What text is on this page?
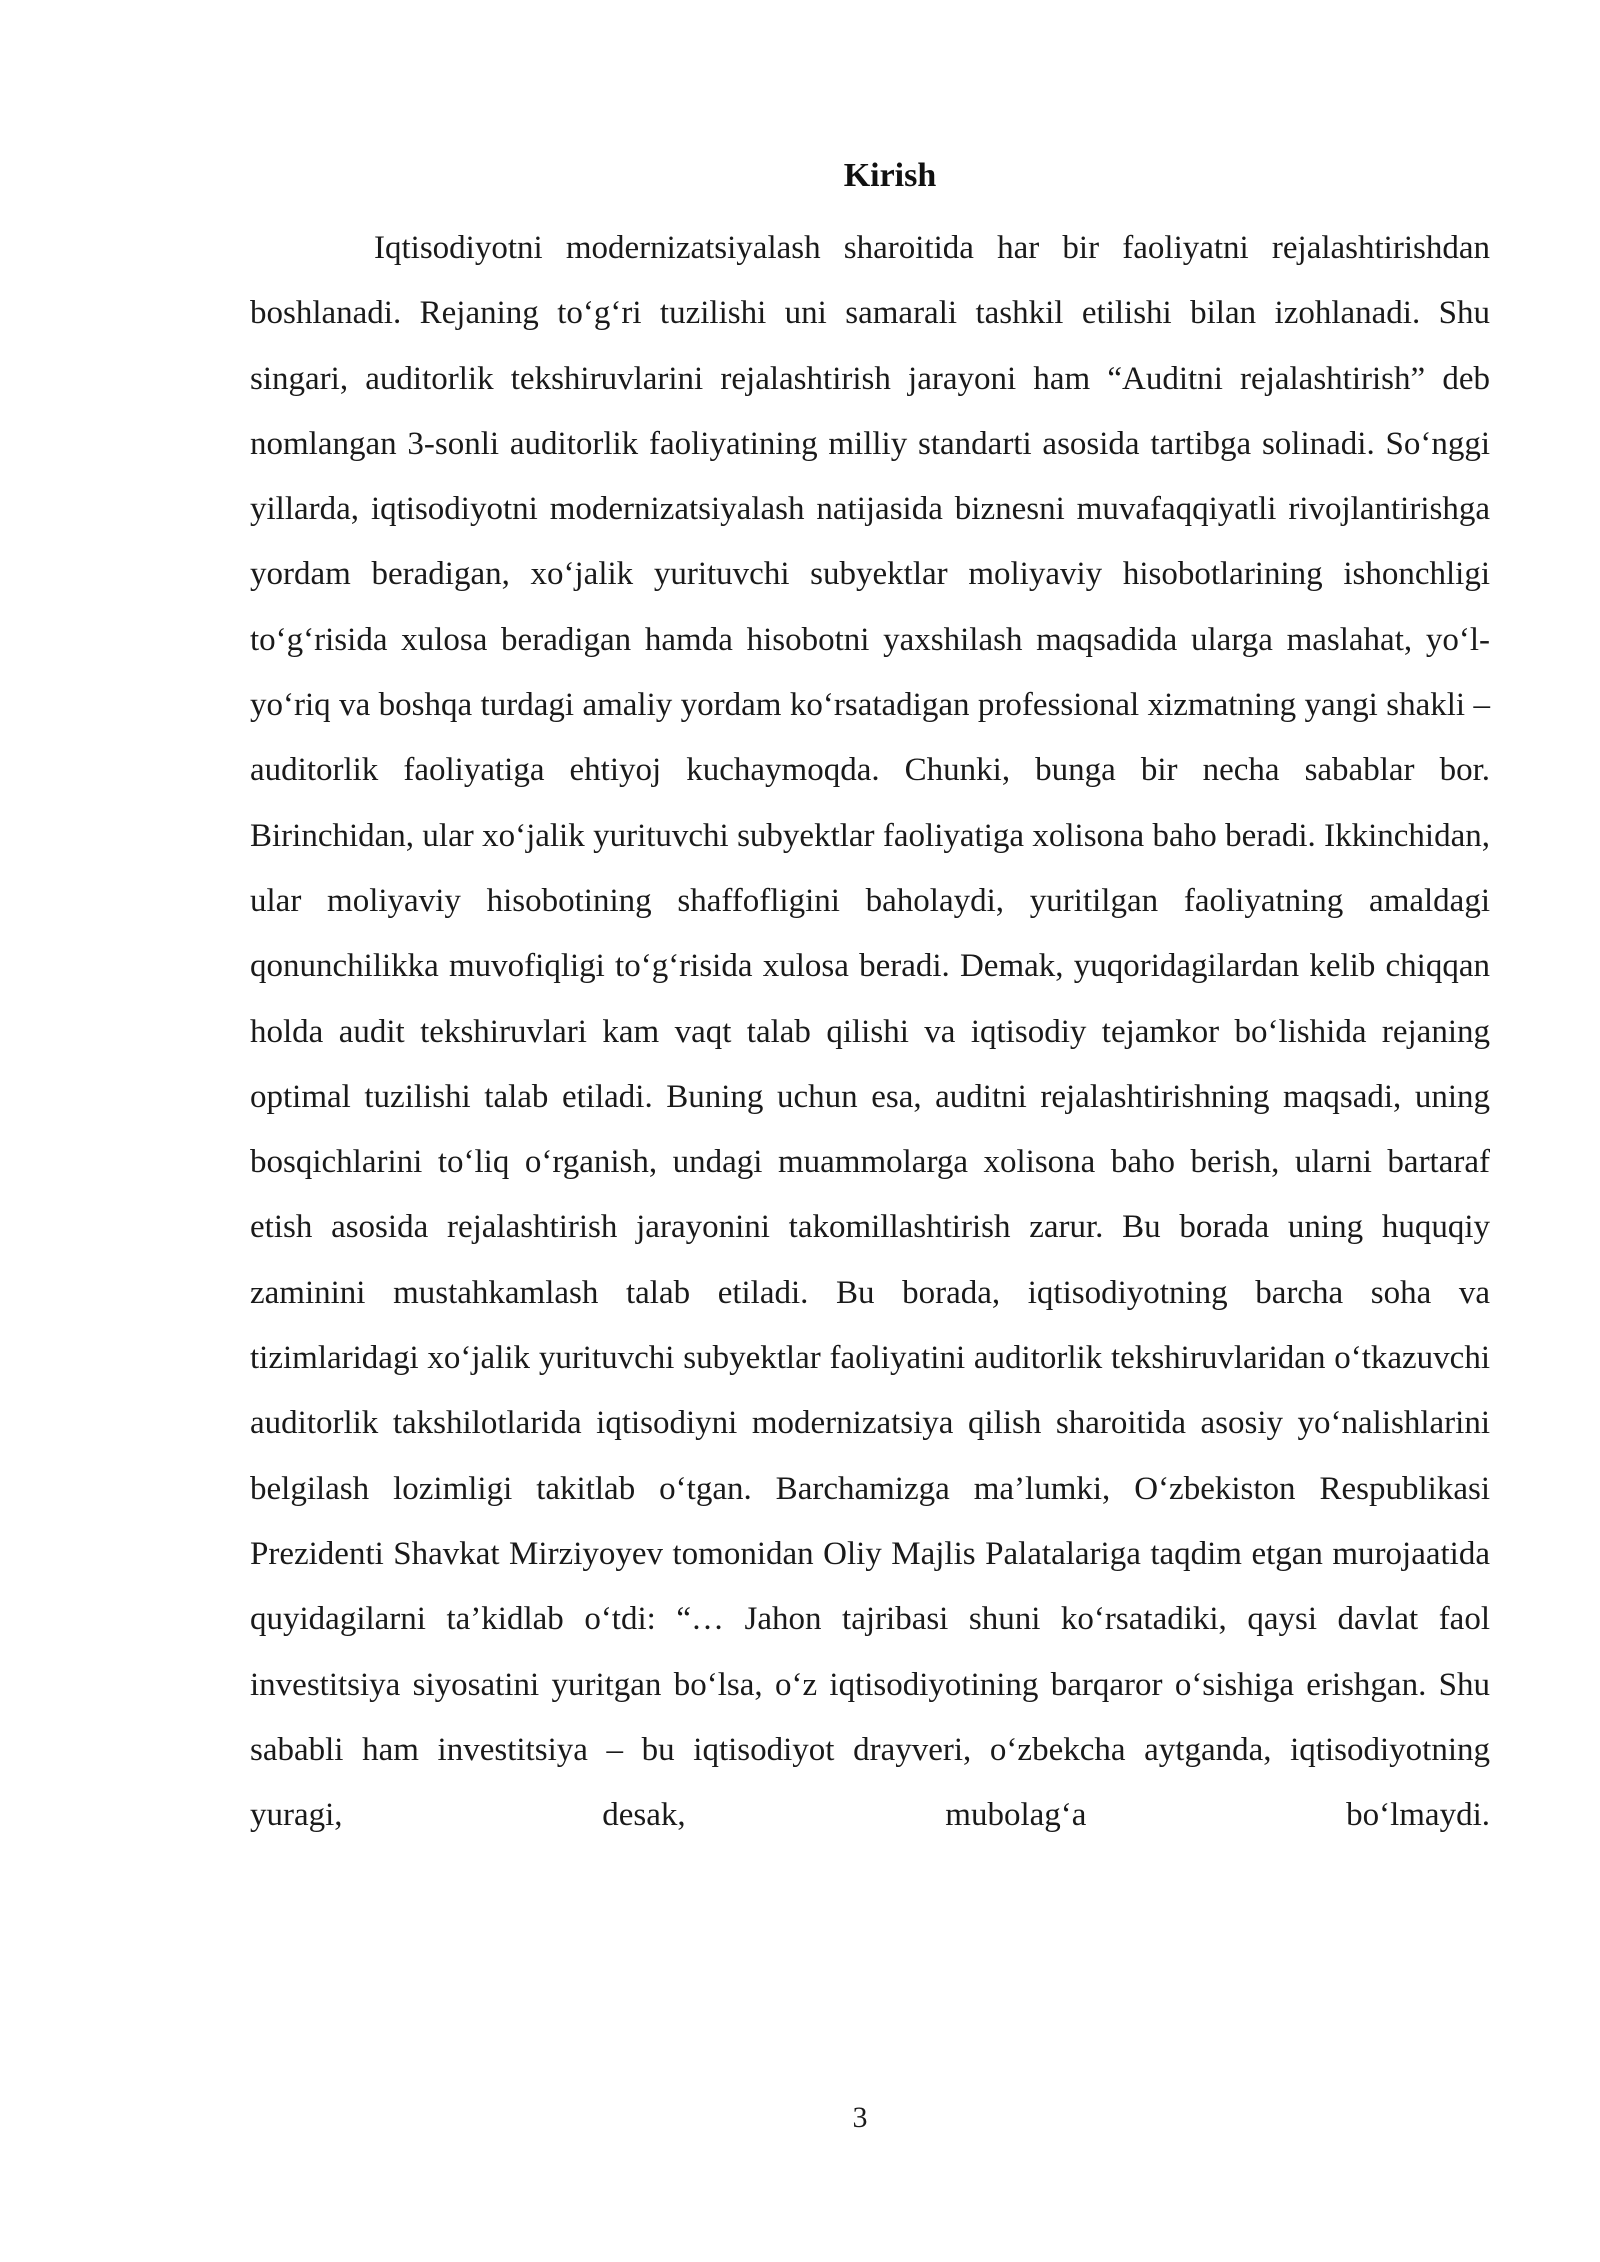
Kirish

Iqtisodiyotni modernizatsiyalash sharoitida har bir faoliyatni rejalashtirishdan boshlanadi. Rejaning to‘g‘ri tuzilishi uni samarali tashkil etilishi bilan izohlanadi. Shu singari, auditorlik tekshiruvlarini rejalashtirish jarayoni ham “Auditni rejalashtirish” deb nomlangan 3-sonli auditorlik faoliyatining milliy standarti asosida tartibga solinadi. So‘nggi yillarda, iqtisodiyotni modernizatsiyalash natijasida biznesni muvafaqqiyatli rivojlantirishga yordam beradigan, xo‘jalik yurituvchi subyektlar moliyaviy hisobotlarining ishonchligi to‘g‘risida xulosa beradigan hamda hisobotni yaxshilash maqsadida ularga maslahat, yo‘l-yo‘riq va boshqa turdagi amaliy yordam ko‘rsatadigan professional xizmatning yangi shakli – auditorlik faoliyatiga ehtiyoj kuchaymoqda. Chunki, bunga bir necha sabablar bor. Birinchidan, ular xo‘jalik yurituvchi subyektlar faoliyatiga xolisona baho beradi. Ikkinchidan, ular moliyaviy hisobotining shaffofligini baholaydi, yuritilgan faoliyatning amaldagi qonunchilikka muvofiqligi to‘g‘risida xulosa beradi. Demak, yuqoridagilardan kelib chiqqan holda audit tekshiruvlari kam vaqt talab qilishi va iqtisodiy tejamkor bo‘lishida rejaning optimal tuzilishi talab etiladi. Buning uchun esa, auditni rejalashtirishning maqsadi, uning bosqichlarini to‘liq o‘rganish, undagi muammolarga xolisona baho berish, ularni bartaraf etish asosida rejalashtirish jarayonini takomillashtirish zarur. Bu borada uning huquqiy zaminini mustahkamlash talab etiladi. Bu borada, iqtisodiyotning barcha soha va tizimlaridagi xo‘jalik yurituvchi subyektlar faoliyatini auditorlik tekshiruvlaridan o‘tkazuvchi auditorlik takshilotlarida iqtisodiyni modernizatsiya qilish sharoitida asosiy yo‘nalishlarini belgilash lozimligi takitlab o‘tgan. Barchamizga ma’lumki, O‘zbekiston Respublikasi Prezidenti Shavkat Mirziyoyev tomonidan Oliy Majlis Palatalariga taqdim etgan murojaatida quyidagilarni ta’kidlab o‘tdi: “… Jahon tajribasi shuni ko‘rsatadiki, qaysi davlat faol investitsiya siyosatini yuritgan bo‘lsa, o‘z iqtisodiyotining barqaror o‘sishiga erishgan. Shu sababli ham investitsiya – bu iqtisodiyot drayveri, o‘zbekcha aytganda, iqtisodiyotning yuragi, desak, mubolag‘a bo‘lmaydi.

3
